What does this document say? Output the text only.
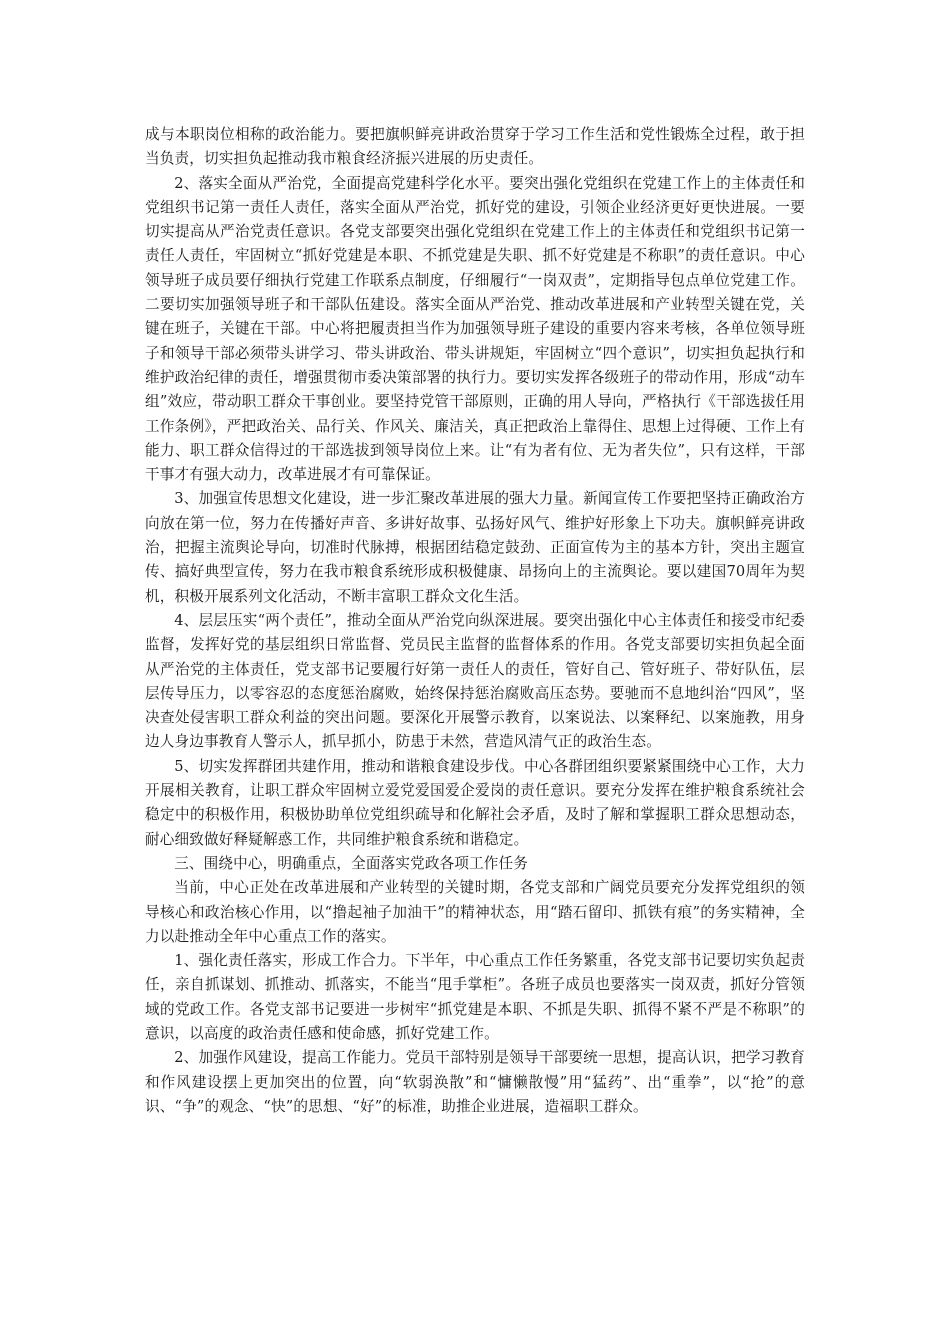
成与本职岗位相称的政治能力。要把旗帜鲜亮讲政治贯穿于学习工作生活和党性锻炼全过程，敢于担当负责，切实担负起推动我市粮食经济振兴进展的历史责任。

2、落实全面从严治党，全面提高党建科学化水平。要突出强化党组织在党建工作上的主体责任和党组织书记第一责任人责任，落实全面从严治党，抓好党的建设，引领企业经济更好更快进展。一要切实提高从严治党责任意识。各党支部要突出强化党组织在党建工作上的主体责任和党组织书记第一责任人责任，牢固树立“抓好党建是本职、不抓党建是失职、抓不好党建是不称职”的责任意识。中心领导班子成员要仔细执行党建工作联系点制度，仔细履行“一岗双责”，定期指导包点单位党建工作。二要切实加强领导班子和干部队伍建设。落实全面从严治党、推动改革进展和产业转型关键在党，关键在班子，关键在干部。中心将把履责担当作为加强领导班子建设的重要内容来考核，各单位领导班子和领导干部必须带头讲学习、带头讲政治、带头讲规矩，牢固树立“四个意识”，切实担负起执行和维护政治纪律的责任，增强贯彻市委决策部署的执行力。要切实发挥各级班子的带动作用，形成“动车组”效应，带动职工群众干事创业。要坚持党管干部原则，正确的用人导向，严格执行《干部选拔任用工作条例》，严把政治关、品行关、作风关、廉洁关，真正把政治上靠得住、思想上过得硬、工作上有能力、职工群众信得过的干部选拔到领导岗位上来。让“有为者有位、无为者失位”，只有这样，干部干事才有强大动力，改革进展才有可靠保证。

3、加强宣传思想文化建设，进一步汇聚改革进展的强大力量。新闻宣传工作要把坚持正确政治方向放在第一位，努力在传播好声音、多讲好故事、弘扬好风气、维护好形象上下功夫。旗帜鲜亮讲政治，把握主流舆论导向，切准时代脉搏，根据团结稳定鼓劲、正面宣传为主的基本方针，突出主题宣传、搞好典型宣传，努力在我市粮食系统形成积极健康、昂扬向上的主流舆论。要以建国70周年为契机，积极开展系列文化活动，不断丰富职工群众文化生活。

4、层层压实“两个责任”，推动全面从严治党向纵深进展。要突出强化中心主体责任和接受市纪委监督，发挥好党的基层组织日常监督、党员民主监督的监督体系的作用。各党支部要切实担负起全面从严治党的主体责任，党支部书记要履行好第一责任人的责任，管好自己、管好班子、带好队伍，层层传导压力，以零容忍的态度惩治腐败，始终保持惩治腐败高压态势。要驰而不息地纠治“四风”，坚决查处侵害职工群众利益的突出问题。要深化开展警示教育，以案说法、以案释纪、以案施教，用身边人身边事教育人警示人，抓早抓小，防患于未然，营造风清气正的政治生态。

5、切实发挥群团共建作用，推动和谐粮食建设步伐。中心各群团组织要紧紧围绕中心工作，大力开展相关教育，让职工群众牢固树立爱党爱国爱企爱岗的责任意识。要充分发挥在维护粮食系统社会稳定中的积极作用，积极协助单位党组织疏导和化解社会矛盾，及时了解和掌握职工群众思想动态，耐心细致做好释疑解惑工作，共同维护粮食系统和谐稳定。

三、围绕中心，明确重点，全面落实党政各项工作任务

当前，中心正处在改革进展和产业转型的关键时期，各党支部和广阔党员要充分发挥党组织的领导核心和政治核心作用，以“撸起袖子加油干”的精神状态，用“踏石留印、抓铁有痕”的务实精神，全力以赴推动全年中心重点工作的落实。

1、强化责任落实，形成工作合力。下半年，中心重点工作任务繁重，各党支部书记要切实负起责任，亲自抓谋划、抓推动、抓落实，不能当“甩手掌柜”。各班子成员也要落实一岗双责，抓好分管领域的党政工作。各党支部书记要进一步树牢“抓党建是本职、不抓是失职、抓得不紧不严是不称职”的意识，以高度的政治责任感和使命感，抓好党建工作。

2、加强作风建设，提高工作能力。党员干部特别是领导干部要统一思想，提高认识，把学习教育和作风建设摆上更加突出的位置，向“软弱涣散”和“慵懒散慢”用“猛药”、出“重拳”，以“抢”的意识、“争”的观念、“快”的思想、“好”的标准，助推企业进展，造福职工群众。
